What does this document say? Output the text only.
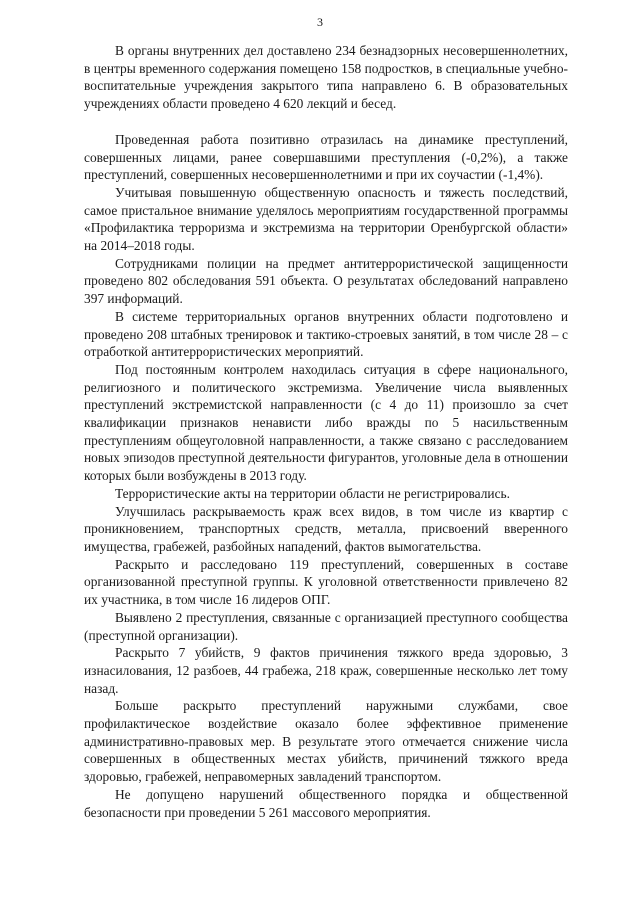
3

В органы внутренних дел доставлено 234 безнадзорных несовершеннолетних, в центры временного содержания помещено 158 подростков, в специальные учебно-воспитательные учреждения закрытого типа направлено 6. В образовательных учреждениях области проведено 4 620 лекций и бесед.

Проведенная работа позитивно отразилась на динамике преступлений, совершенных лицами, ранее совершавшими преступления (-0,2%), а также преступлений, совершенных несовершеннолетними и при их соучастии (-1,4%).

Учитывая повышенную общественную опасность и тяжесть последствий, самое пристальное внимание уделялось мероприятиям государственной программы «Профилактика терроризма и экстремизма на территории Оренбургской области» на 2014–2018 годы.

Сотрудниками полиции на предмет антитеррористической защищенности проведено 802 обследования 591 объекта. О результатах обследований направлено 397 информаций.

В системе территориальных органов внутренних области подготовлено и проведено 208 штабных тренировок и тактико-строевых занятий, в том числе 28 – с отработкой антитеррористических мероприятий.

Под постоянным контролем находилась ситуация в сфере национального, религиозного и политического экстремизма. Увеличение числа выявленных преступлений экстремистской направленности (с 4 до 11) произошло за счет квалификации признаков ненависти либо вражды по 5 насильственным преступлениям общеуголовной направленности, а также связано с расследованием новых эпизодов преступной деятельности фигурантов, уголовные дела в отношении которых были возбуждены в 2013 году.

Террористические акты на территории области не регистрировались.

Улучшилась раскрываемость краж всех видов, в том числе из квартир с проникновением, транспортных средств, металла, присвоений вверенного имущества, грабежей, разбойных нападений, фактов вымогательства.

Раскрыто и расследовано 119 преступлений, совершенных в составе организованной преступной группы. К уголовной ответственности привлечено 82 их участника, в том числе 16 лидеров ОПГ.

Выявлено 2 преступления, связанные с организацией преступного сообщества (преступной организации).

Раскрыто 7 убийств, 9 фактов причинения тяжкого вреда здоровью, 3 изнасилования, 12 разбоев, 44 грабежа, 218 краж, совершенные несколько лет тому назад.

Больше раскрыто преступлений наружными службами, свое профилактическое воздействие оказало более эффективное применение административно-правовых мер. В результате этого отмечается снижение числа совершенных в общественных местах убийств, причинений тяжкого вреда здоровью, грабежей, неправомерных завладений транспортом.

Не допущено нарушений общественного порядка и общественной безопасности при проведении 5 261 массового мероприятия.
